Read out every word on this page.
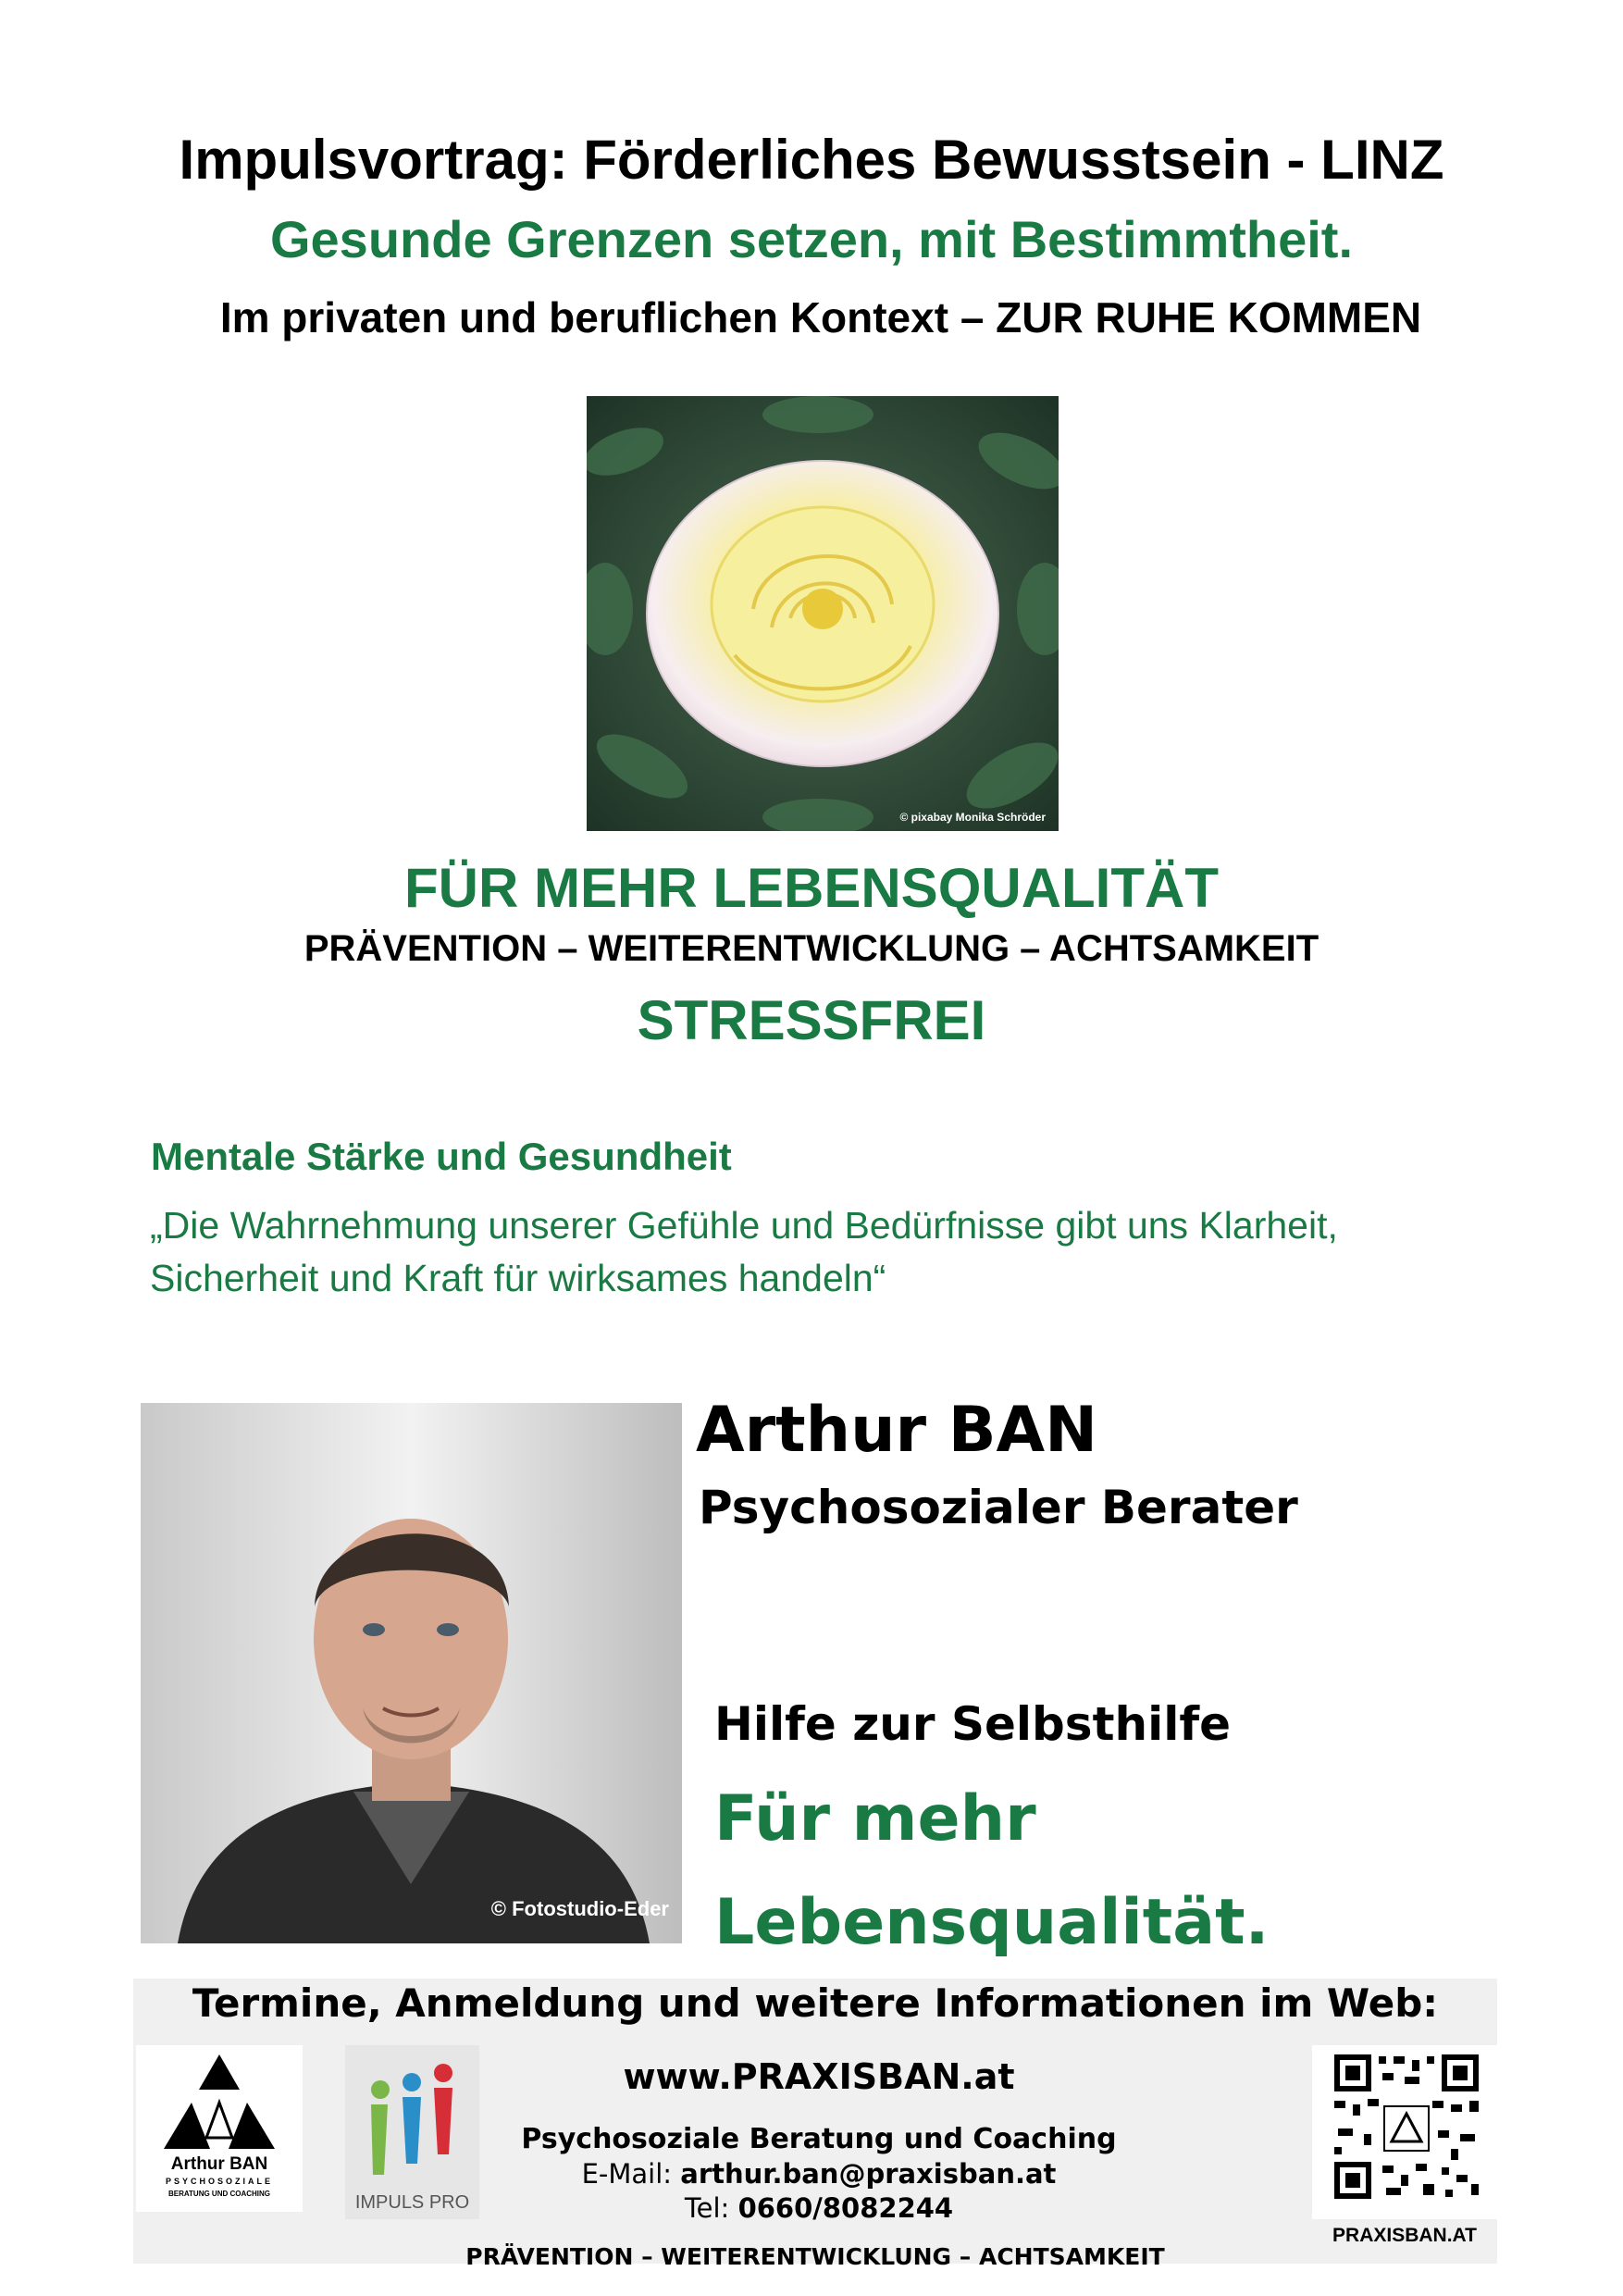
Impulsvortrag: Förderliches Bewusstsein - LINZ
Gesunde Grenzen setzen, mit Bestimmtheit.
Im privaten und beruflichen Kontext – ZUR RUHE KOMMEN
© pixabay Monika Schröder
FÜR MEHR LEBENSQUALITÄT
PRÄVENTION – WEITERENTWICKLUNG – ACHTSAMKEIT
STRESSFREI
Mentale Stärke und Gesundheit
„Die Wahrnehmung unserer Gefühle und Bedürfnisse gibt uns Klarheit,
Sicherheit und Kraft für wirksames handeln“
© Fotostudio-Eder
Arthur BAN
Psychosozialer Berater
Hilfe zur Selbsthilfe
Für mehr
Lebensqualität.
Termine, Anmeldung und weitere Informationen im Web:
Arthur BAN
PSYCHOSOZIALE
BERATUNG UND COACHING	IMPULS PRO
www.PRAXISBAN.at
Psychosoziale Beratung und Coaching
E-Mail: arthur.ban@praxisban.at
Tel: 0660/8082244
PRAXISBAN.AT
PRÄVENTION – WEITERENTWICKLUNG – ACHTSAMKEIT
